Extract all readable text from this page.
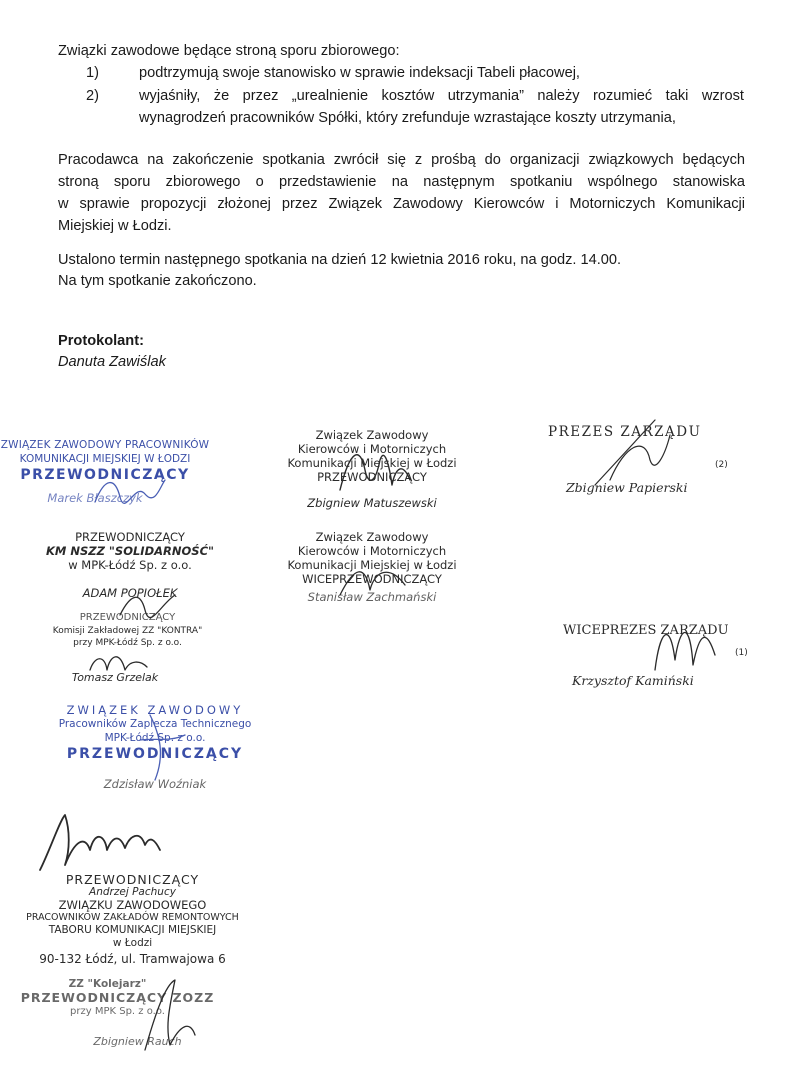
Związki zawodowe będące stroną sporu zbiorowego:
1)	podtrzymują swoje stanowisko w sprawie indeksacji Tabeli płacowej,
2)	wyjaśniły, że przez „urealnienie kosztów utrzymania” należy rozumieć taki wzrost
wynagrodzeń pracowników Spółki, który zrefunduje wzrastające koszty utrzymania,
Pracodawca na zakończenie spotkania zwrócił się z prośbą do organizacji związkowych będących
stroną sporu zbiorowego o przedstawienie na następnym spotkaniu wspólnego stanowiska
w sprawie propozycji złożonej przez Związek Zawodowy Kierowców i Motorniczych Komunikacji
Miejskiej w Łodzi.
Ustalono termin następnego spotkania na dzień 12 kwietnia 2016 roku, na godz. 14.00.
Na tym spotkanie zakończono.
Protokolant:
Danuta Zawiślak
ZWIĄZEK ZAWODOWY PRACOWNIKÓW
KOMUNIKACJI MIEJSKIEJ W ŁODZI
PRZEWODNICZĄCY
Marek Błaszczyk
Związek Zawodowy
Kierowców i Motorniczych
Komunikacji Miejskiej w Łodzi
PRZEWODNICZĄCY
Zbigniew Matuszewski
PREZES ZARZĄDU
(2)
Zbigniew Papierski
PRZEWODNICZĄCY
KM NSZZ "SOLIDARNOŚĆ"
w MPK-Łódź Sp. z o.o.
ADAM POPIOŁEK
Związek Zawodowy
Kierowców i Motorniczych
Komunikacji Miejskiej w Łodzi
WICEPRZEWODNICZĄCY
Stanisław Zachmański
PRZEWODNICZĄCY
Komisji Zakładowej ZZ "KONTRA"
przy MPK-Łódź Sp. z o.o.
Tomasz Grzelak
WICEPREZES ZARZĄDU
(1)
Krzysztof Kamiński
ZWIĄZEK ZAWODOWY
Pracowników Zaplecza Technicznego
MPK-Łódź Sp. z o.o.
PRZEWODNICZĄCY
Zdzisław Woźniak
PRZEWODNICZĄCY
Andrzej Pachucy
ZWIĄZKU ZAWODOWEGO
PRACOWNIKÓW ZAKŁADÓW REMONTOWYCH
TABORU KOMUNIKACJI MIEJSKIEJ
w Łodzi
90-132 Łódź, ul. Tramwajowa 6
ZZ "Kolejarz"
PRZEWODNICZĄCY ZOZZ
przy MPK Sp. z o.o.
Zbigniew Rauch
